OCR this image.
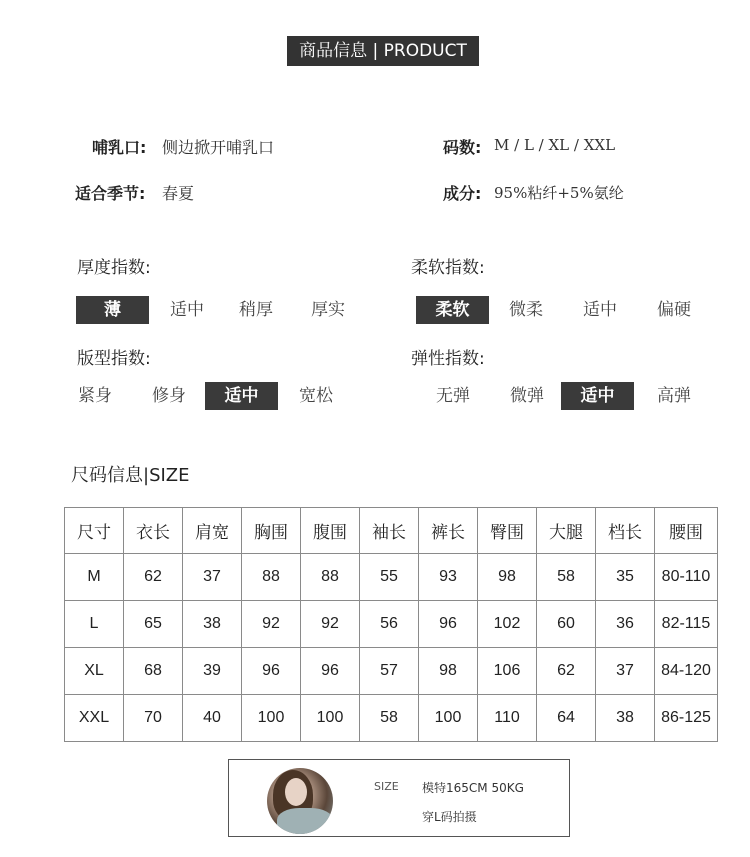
商品信息 | PRODUCT
哺乳口: 侧边掀开哺乳口	码数: M / L / XL / XXL
适合季节: 春夏	成分: 95%粘纤+5%氨纶
厚度指数:
薄	适中	稍厚	厚实
柔软指数:
柔软	微柔	适中	偏硬
版型指数:
紧身	修身	适中	宽松
弹性指数:
无弹	微弹	适中	高弹
尺码信息|SIZE
尺寸	衣长	肩宽	胸围	腹围	袖长	裤长	臀围	大腿	档长	腰围
M	62	37	88	88	55	93	98	58	35	80-110
L	65	38	92	92	56	96	102	60	36	82-115
XL	68	39	96	96	57	98	106	62	37	84-120
XXL	70	40	100	100	58	100	110	64	38	86-125
SIZE 模特165CM 50KG
穿L码拍摄
